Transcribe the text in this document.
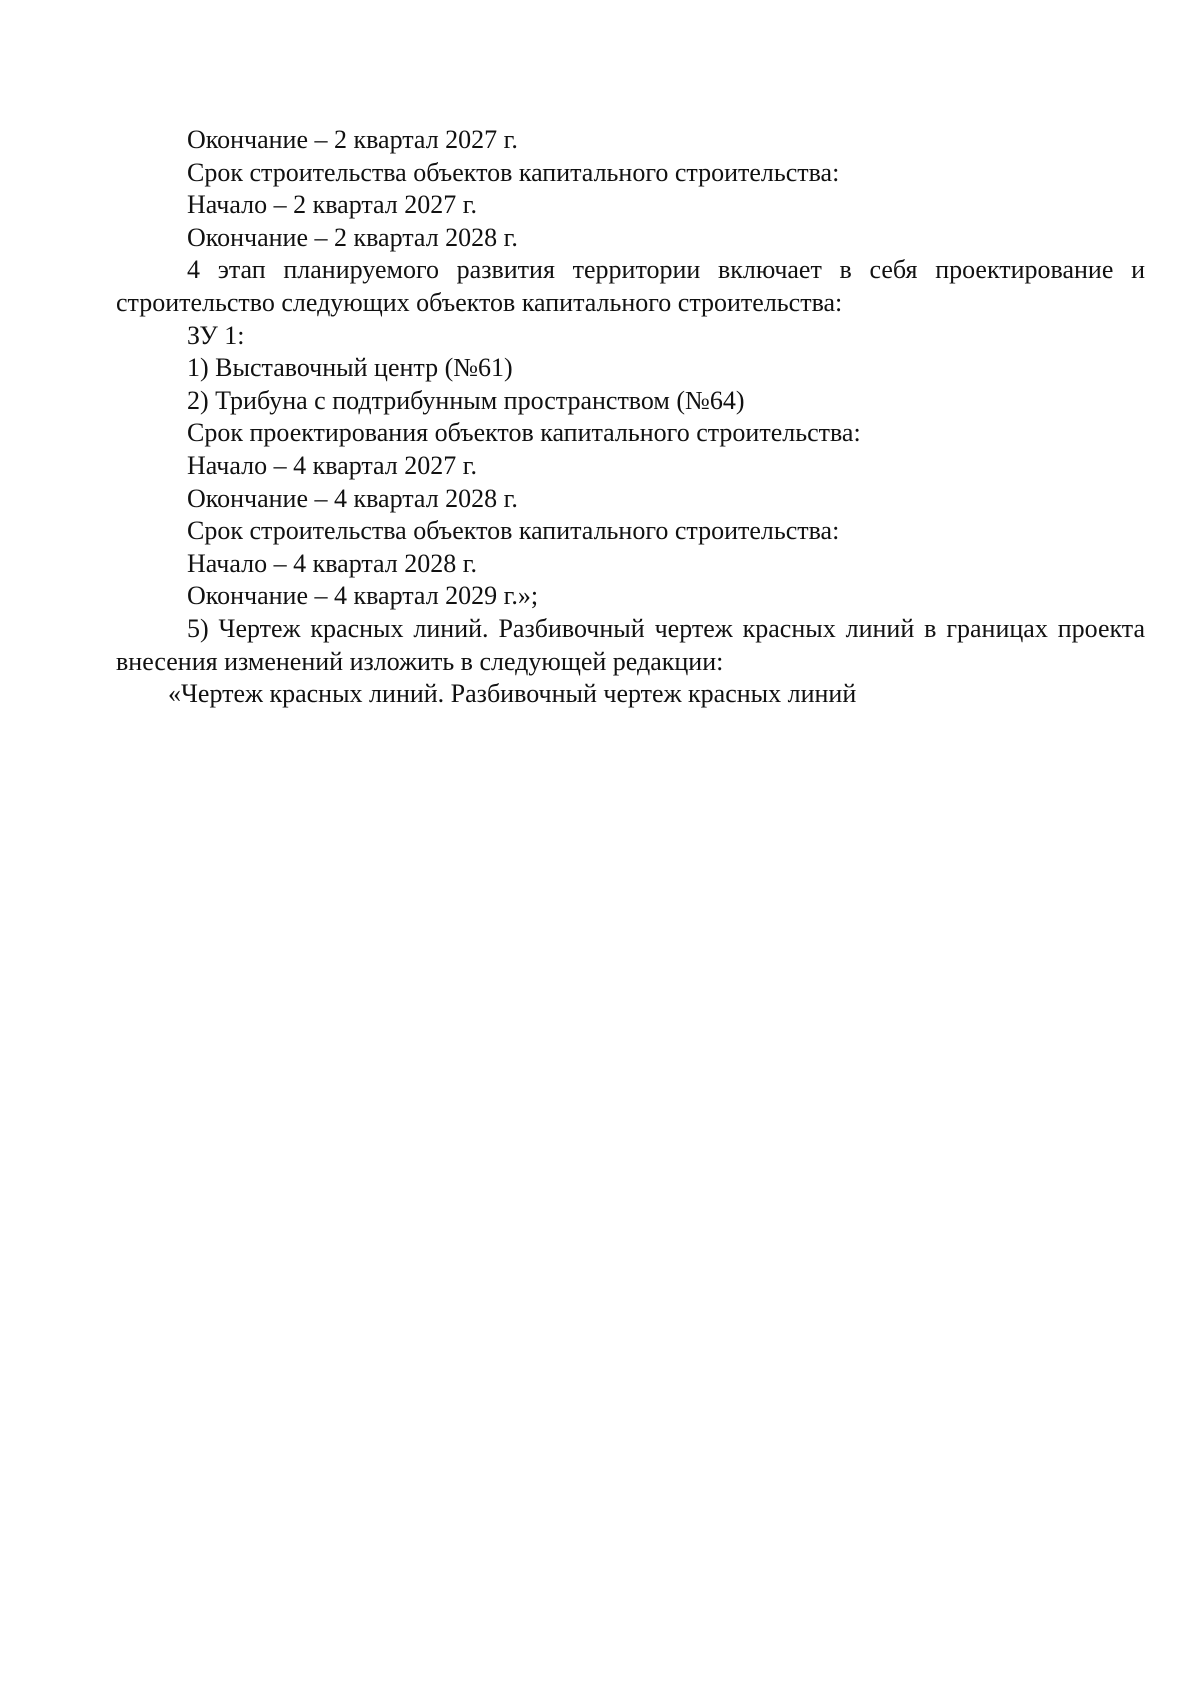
Окончание – 2 квартал 2027 г.

Срок строительства объектов капитального строительства:

Начало – 2 квартал 2027 г.

Окончание – 2 квартал 2028 г.

4 этап планируемого развития территории включает в себя проектирование и строительство следующих объектов капитального строительства:

ЗУ 1:

1) Выставочный центр (№61)

2) Трибуна с подтрибунным пространством (№64)

Срок проектирования объектов капитального строительства:

Начало – 4 квартал 2027 г.

Окончание – 4 квартал 2028 г.

Срок строительства объектов капитального строительства:

Начало – 4 квартал 2028 г.

Окончание – 4 квартал 2029 г.»;

5) Чертеж красных линий. Разбивочный чертеж красных линий в границах проекта внесения изменений изложить в следующей редакции:

«Чертеж красных линий. Разбивочный чертеж красных линий
